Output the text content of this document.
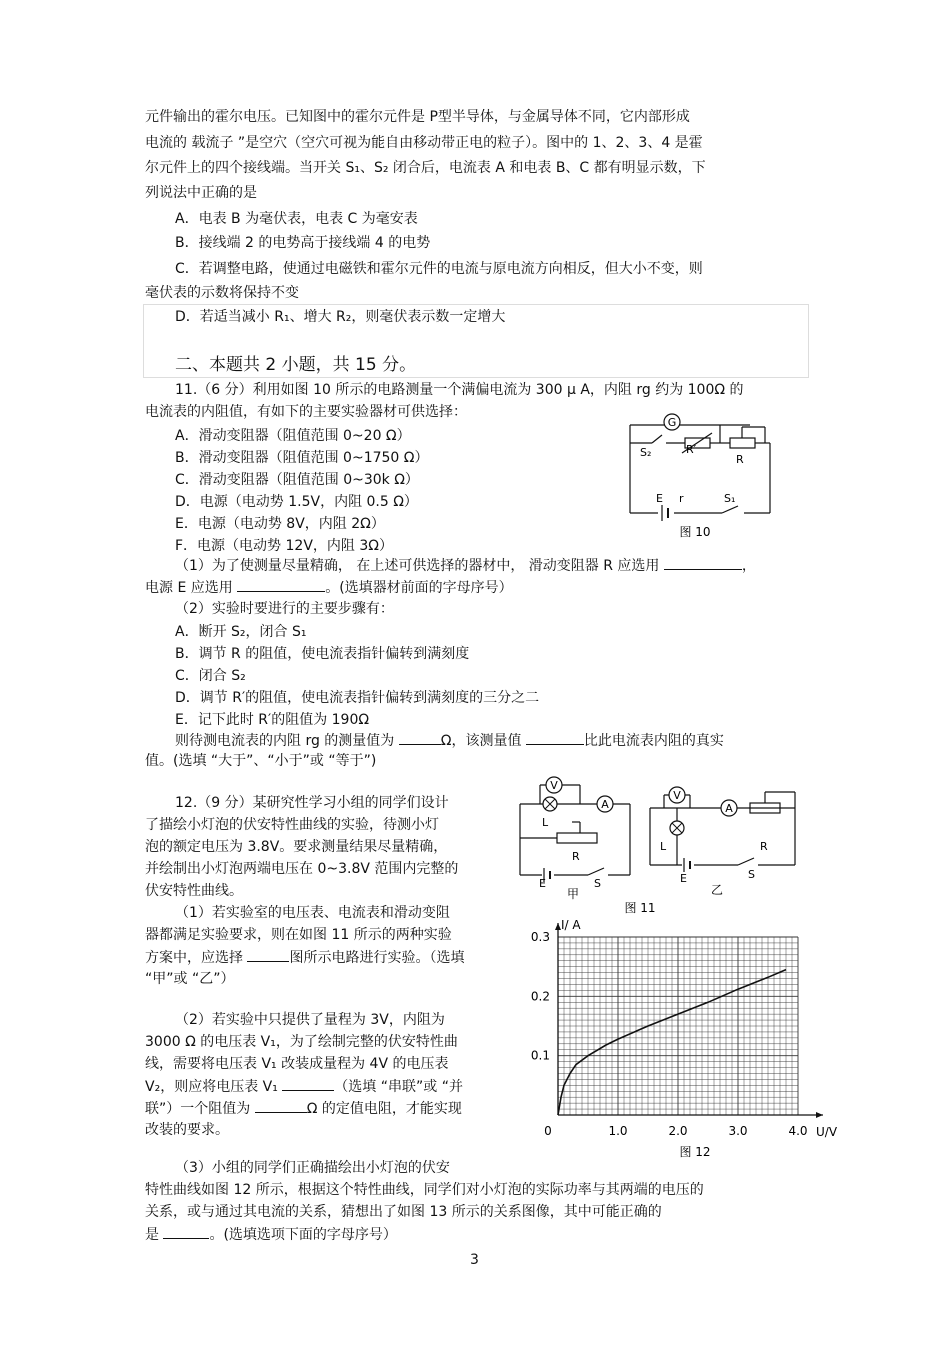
元件输出的霍尔电压。已知图中的霍尔元件是 P型半导体，与金属导体不同，它内部形成
电流的 载流子 ”是空穴（空穴可视为能自由移动带正电的粒子）。图中的 1、2、3、4 是霍
尔元件上的四个接线端。当开关 S₁、S₂ 闭合后，电流表 A 和电表 B、C 都有明显示数，下
列说法中正确的是
A．电表 B 为毫伏表，电表 C 为毫安表
B．接线端 2 的电势高于接线端 4 的电势
C．若调整电路，使通过电磁铁和霍尔元件的电流与原电流方向相反，但大小不变，则
毫伏表的示数将保持不变
D．若适当减小 R₁、增大 R₂，则毫伏表示数一定增大
二、本题共 2 小题，共 15 分。
11.（6 分）利用如图 10 所示的电路测量一个满偏电流为 300 μ A，内阻 rg 约为 100Ω 的
电流表的内阻值，有如下的主要实验器材可供选择：
A．滑动变阻器（阻值范围 0~20 Ω）
B．滑动变阻器（阻值范围 0~1750 Ω）
C．滑动变阻器（阻值范围 0~30k Ω）
D．电源（电动势 1.5V，内阻 0.5 Ω）
E．电源（电动势 8V，内阻 2Ω）
F．电源（电动势 12V，内阻 3Ω）
（1）为了使测量尽量精确， 在上述可供选择的器材中， 滑动变阻器 R 应选用	，
电源 E 应选用	。(选填器材前面的字母序号）
（2）实验时要进行的主要步骤有：
A．断开 S₂，闭合 S₁
B．调节 R 的阻值，使电流表指针偏转到满刻度
C．闭合 S₂
D．调节 R′的阻值，使电流表指针偏转到满刻度的三分之二
E．记下此时 R′的阻值为 190Ω
则待测电流表的内阻 rg 的测量值为	Ω，该测量值	比此电流表内阻的真实
值。(选填 “大于”、“小于”或 “等于”)
G
S₂	R′
R
E r	S₁
图 10
12.（9 分）某研究性学习小组的同学们设计
了描绘小灯泡的伏安特性曲线的实验，待测小灯
泡的额定电压为 3.8V。要求测量结果尽量精确，
并绘制出小灯泡两端电压在 0~3.8V 范围内完整的
伏安特性曲线。
（1）若实验室的电压表、电流表和滑动变阻
器都满足实验要求，则在如图 11 所示的两种实验
方案中，应选择	图所示电路进行实验。（选填
“甲”或 “乙”）
（2）若实验中只提供了量程为 3V，内阻为
3000 Ω 的电压表 V₁，为了绘制完整的伏安特性曲
线，需要将电压表 V₁ 改装成量程为 4V 的电压表
V₂，则应将电压表 V₁	（选填 “串联”或 “并
联”）一个阻值为	Ω 的定值电阻，才能实现
改装的要求。
（3）小组的同学们正确描绘出小灯泡的伏安
特性曲线如图 12 所示，根据这个特性曲线，同学们对小灯泡的实际功率与其两端的电压的
关系，或与通过其电流的关系，猜想出了如图 13 所示的关系图像，其中可能正确的
是	。(选填选项下面的字母序号）
V
A
L
R
E	S
甲
V
A
L	R
E	S
乙
图 11
I/ A
U/V
0	1.0	2.0	3.0	4.0
0.3
0.2
0.1
图 12
3
